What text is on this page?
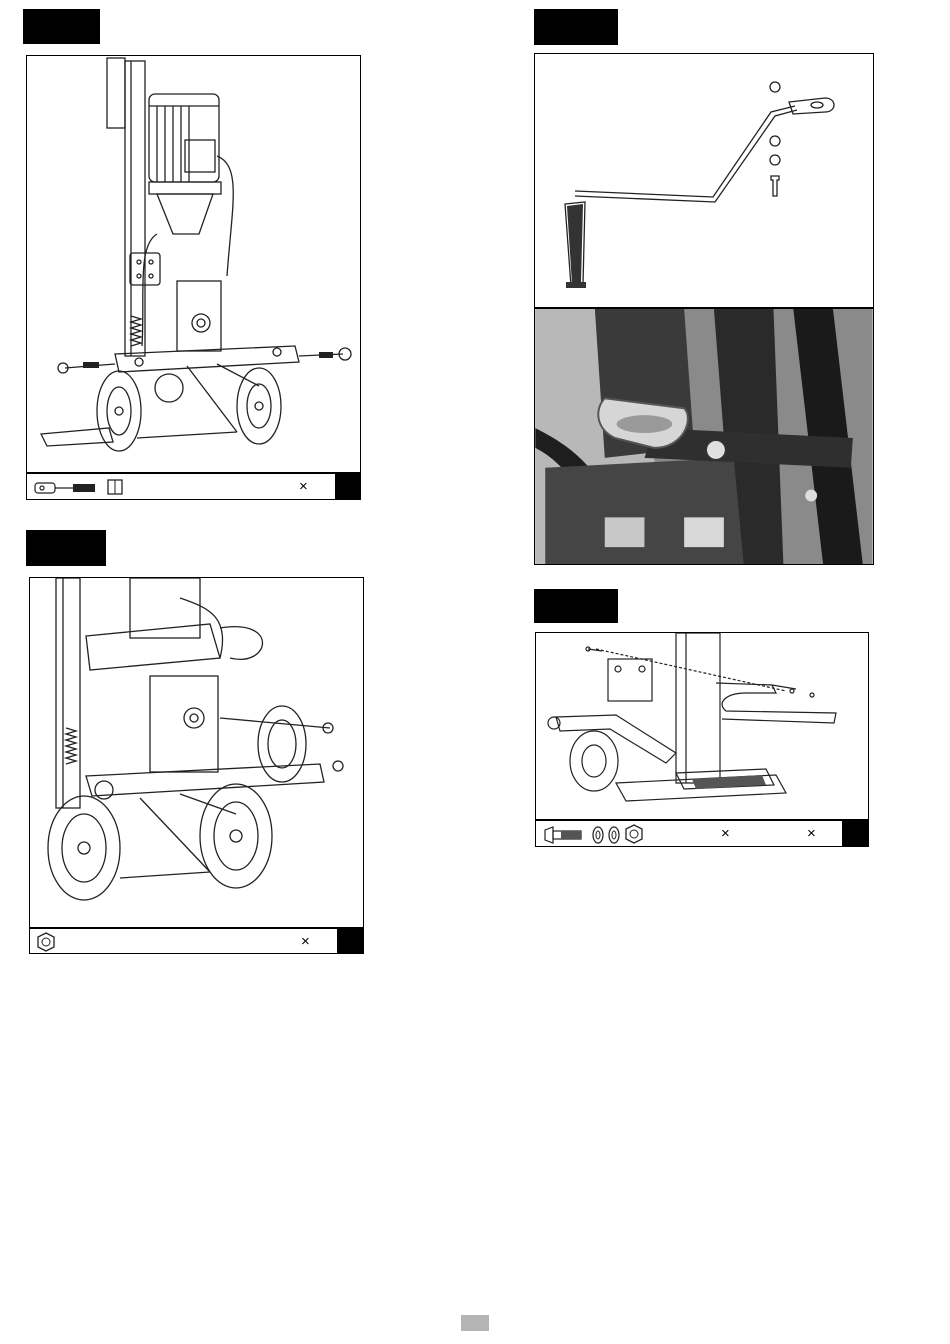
×
×
×	×
